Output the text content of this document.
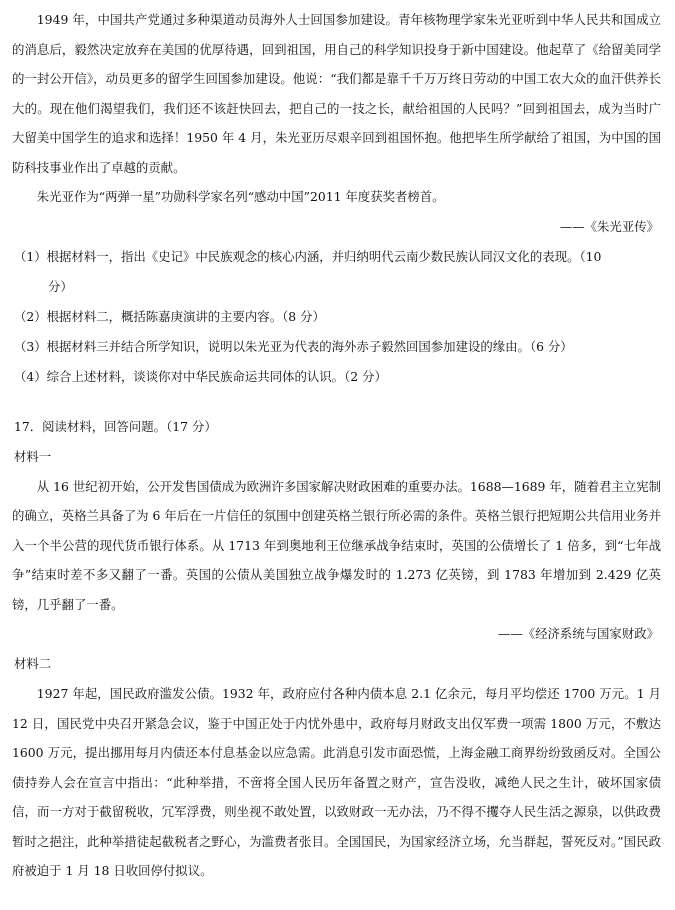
1949 年，中国共产党通过多种渠道动员海外人士回国参加建设。青年核物理学家朱光亚听到中华人民共和国成立的消息后，毅然决定放弃在美国的优厚待遇，回到祖国，用自己的科学知识投身于新中国建设。他起草了《给留美同学的一封公开信》，动员更多的留学生回国参加建设。他说：“我们都是靠千千万万终日劳动的中国工农大众的血汗供养长大的。现在他们渴望我们，我们还不该赶快回去，把自己的一技之长，献给祖国的人民吗？”回到祖国去，成为当时广大留美中国学生的追求和选择！1950 年 4 月，朱光亚历尽艰辛回到祖国怀抱。他把毕生所学献给了祖国，为中国的国防科技事业作出了卓越的贡献。

朱光亚作为“两弹一星”功勋科学家名列“感动中国”2011 年度获奖者榜首。

——《朱光亚传》

（1）根据材料一，指出《史记》中民族观念的核心内涵，并归纳明代云南少数民族认同汉文化的表现。（10
分）

（2）根据材料二，概括陈嘉庚演讲的主要内容。（8 分）

（3）根据材料三并结合所学知识，说明以朱光亚为代表的海外赤子毅然回国参加建设的缘由。（6 分）

（4）综合上述材料，谈谈你对中华民族命运共同体的认识。（2 分）

17．阅读材料，回答问题。（17 分）

材料一

从 16 世纪初开始，公开发售国债成为欧洲许多国家解决财政困难的重要办法。1688—1689 年，随着君主立宪制的确立，英格兰具备了为 6 年后在一片信任的氛围中创建英格兰银行所必需的条件。英格兰银行把短期公共信用业务并入一个半公营的现代货币银行体系。从 1713 年到奥地利王位继承战争结束时，英国的公债增长了 1 倍多，到“七年战争”结束时差不多又翻了一番。英国的公债从美国独立战争爆发时的 1.273 亿英镑，到 1783 年增加到 2.429 亿英镑，几乎翻了一番。

——《经济系统与国家财政》

材料二

1927 年起，国民政府滥发公债。1932 年，政府应付各种内债本息 2.1 亿余元，每月平均偿还 1700 万元。1 月 12 日，国民党中央召开紧急会议，鉴于中国正处于内忧外患中，政府每月财政支出仅军费一项需 1800 万元，不敷达 1600 万元，提出挪用每月内债还本付息基金以应急需。此消息引发市面恐慌，上海金融工商界纷纷致函反对。全国公债持券人会在宣言中指出：“此种举措，不啻将全国人民历年备置之财产，宣告没收，减绝人民之生计，破坏国家债信，而一方对于截留税收，冗军浮费，则坐视不敢处置，以致财政一无办法，乃不得不攫夺人民生活之源泉，以供政费暂时之挹注，此种举措徒起截税者之野心，为滥费者张目。全国国民，为国家经济立场，允当群起，誓死反对。”国民政府被迫于 1 月 18 日收回停付拟议。
